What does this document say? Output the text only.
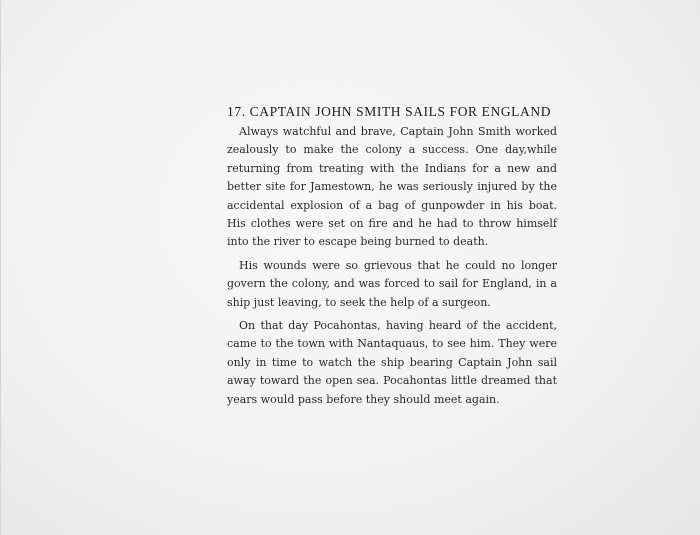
17. CAPTAIN JOHN SMITH SAILS FOR ENGLAND

Always watchful and brave, Captain John Smith worked zealously to make the colony a success. One day,while returning from treating with the Indians for a new and better site for Jamestown, he was seriously injured by the accidental explosion of a bag of gunpowder in his boat. His clothes were set on fire and he had to throw himself into the river to escape being burned to death.

His wounds were so grievous that he could no longer govern the colony, and was forced to sail for England, in a ship just leaving, to seek the help of a surgeon.

On that day Pocahontas, having heard of the accident, came to the town with Nantaquaus, to see him. They were only in time to watch the ship bearing Captain John sail away toward the open sea. Pocahontas little dreamed that years would pass before they should meet again.
